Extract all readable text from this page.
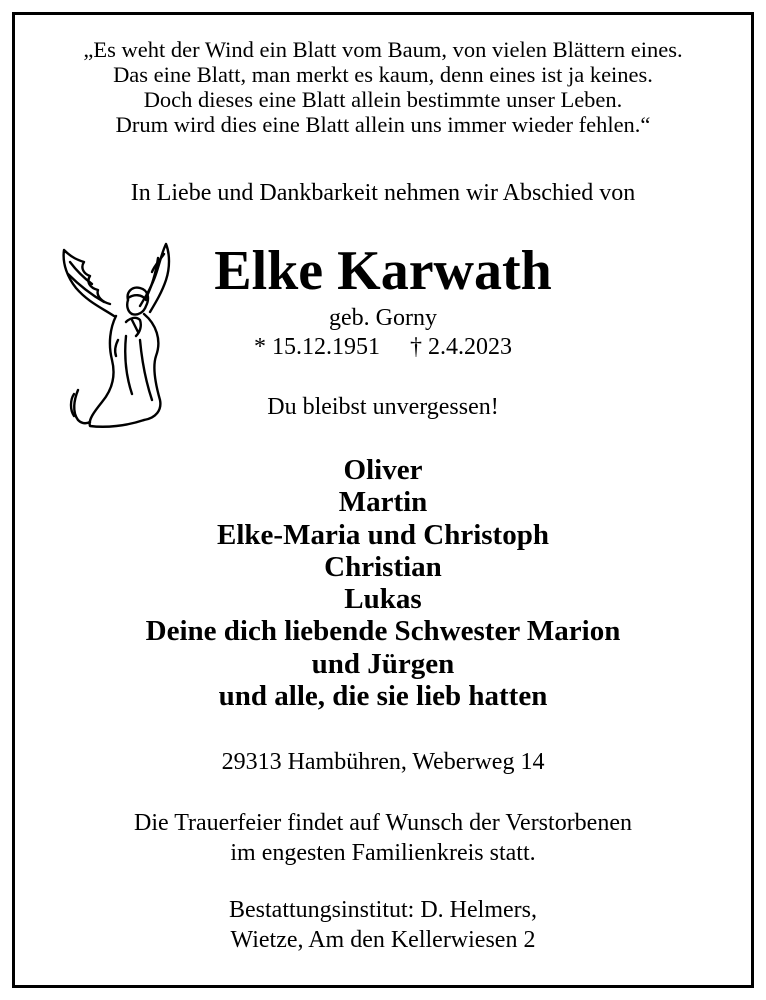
„Es weht der Wind ein Blatt vom Baum, von vielen Blättern eines.
Das eine Blatt, man merkt es kaum, denn eines ist ja keines.
Doch dieses eine Blatt allein bestimmte unser Leben.
Drum wird dies eine Blatt allein uns immer wieder fehlen.“
In Liebe und Dankbarkeit nehmen wir Abschied von
Elke Karwath
geb. Gorny
* 15.12.1951 † 2.4.2023
Du bleibst unvergessen!
Oliver
Martin
Elke-Maria und Christoph
Christian
Lukas
Deine dich liebende Schwester Marion
und Jürgen
und alle, die sie lieb hatten
29313 Hambühren, Weberweg 14
Die Trauerfeier findet auf Wunsch der Verstorbenen
im engesten Familienkreis statt.
Bestattungsinstitut: D. Helmers,
Wietze, Am den Kellerwiesen 2
